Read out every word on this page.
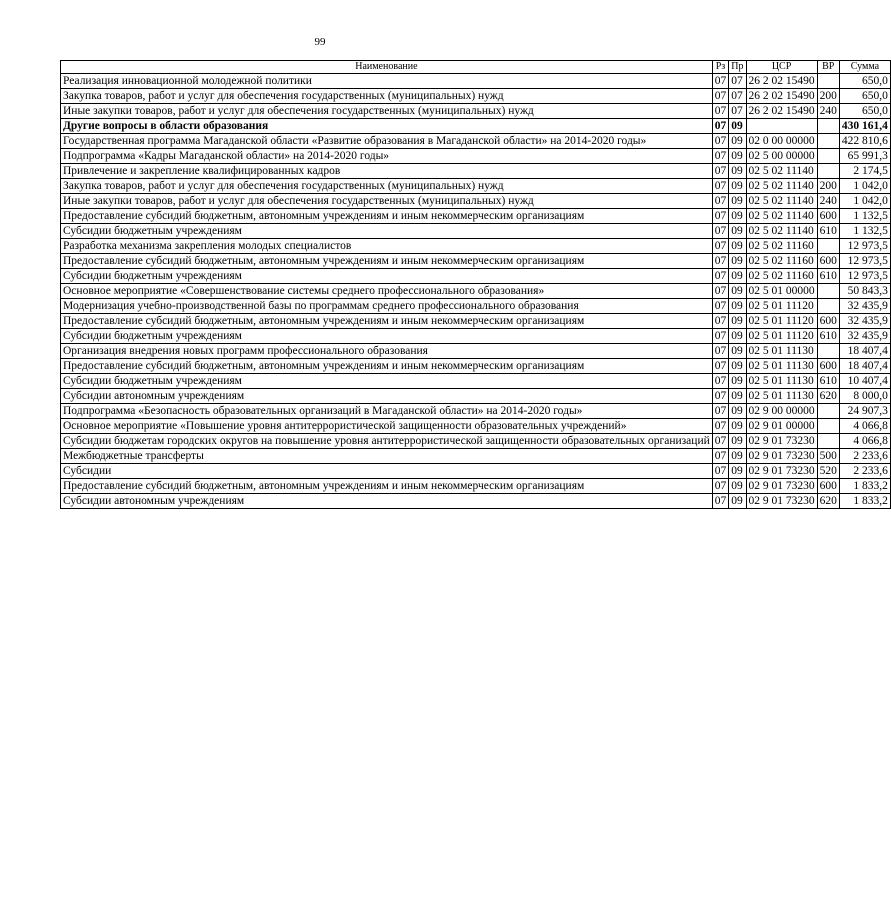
99
Наименование	Рз	Пр	ЦСР	ВР	Сумма
Реализация инновационной молодежной политики	07	07	26 2 02 15490		650,0
Закупка товаров, работ и услуг для обеспечения государственных (муниципальных) нужд	07	07	26 2 02 15490	200	650,0
Иные закупки товаров, работ и услуг для обеспечения государственных (муниципальных) нужд	07	07	26 2 02 15490	240	650,0
Другие вопросы в области образования	07	09			430 161,4
Государственная программа Магаданской области «Развитие образования в Магаданской области» на 2014-2020 годы»	07	09	02 0 00 00000		422 810,6
Подпрограмма «Кадры Магаданской области» на 2014-2020 годы»	07	09	02 5 00 00000		65 991,3
Привлечение и закрепление квалифицированных кадров	07	09	02 5 02 11140		2 174,5
Закупка товаров, работ и услуг для обеспечения государственных (муниципальных) нужд	07	09	02 5 02 11140	200	1 042,0
Иные закупки товаров, работ и услуг для обеспечения государственных (муниципальных) нужд	07	09	02 5 02 11140	240	1 042,0
Предоставление субсидий бюджетным, автономным учреждениям и иным некоммерческим организациям	07	09	02 5 02 11140	600	1 132,5
Субсидии бюджетным учреждениям	07	09	02 5 02 11140	610	1 132,5
Разработка механизма закрепления молодых специалистов	07	09	02 5 02 11160		12 973,5
Предоставление субсидий бюджетным, автономным учреждениям и иным некоммерческим организациям	07	09	02 5 02 11160	600	12 973,5
Субсидии бюджетным учреждениям	07	09	02 5 02 11160	610	12 973,5
Основное мероприятие «Совершенствование системы среднего профессионального образования»	07	09	02 5 01 00000		50 843,3
Модернизация учебно-производственной базы по программам среднего профессионального образования	07	09	02 5 01 11120		32 435,9
Предоставление субсидий бюджетным, автономным учреждениям и иным некоммерческим организациям	07	09	02 5 01 11120	600	32 435,9
Субсидии бюджетным учреждениям	07	09	02 5 01 11120	610	32 435,9
Организация внедрения новых программ профессионального образования	07	09	02 5 01 11130		18 407,4
Предоставление субсидий бюджетным, автономным учреждениям и иным некоммерческим организациям	07	09	02 5 01 11130	600	18 407,4
Субсидии бюджетным учреждениям	07	09	02 5 01 11130	610	10 407,4
Субсидии автономным учреждениям	07	09	02 5 01 11130	620	8 000,0
Подпрограмма «Безопасность образовательных организаций в Магаданской области» на 2014-2020 годы»	07	09	02 9 00 00000		24 907,3
Основное мероприятие «Повышение уровня антитеррористической защищенности образовательных учреждений»	07	09	02 9 01 00000		4 066,8
Субсидии бюджетам городских округов на повышение уровня антитеррористической защищенности образовательных организаций	07	09	02 9 01 73230		4 066,8
Межбюджетные трансферты	07	09	02 9 01 73230	500	2 233,6
Субсидии	07	09	02 9 01 73230	520	2 233,6
Предоставление субсидий бюджетным, автономным учреждениям и иным некоммерческим организациям	07	09	02 9 01 73230	600	1 833,2
Субсидии автономным учреждениям	07	09	02 9 01 73230	620	1 833,2
